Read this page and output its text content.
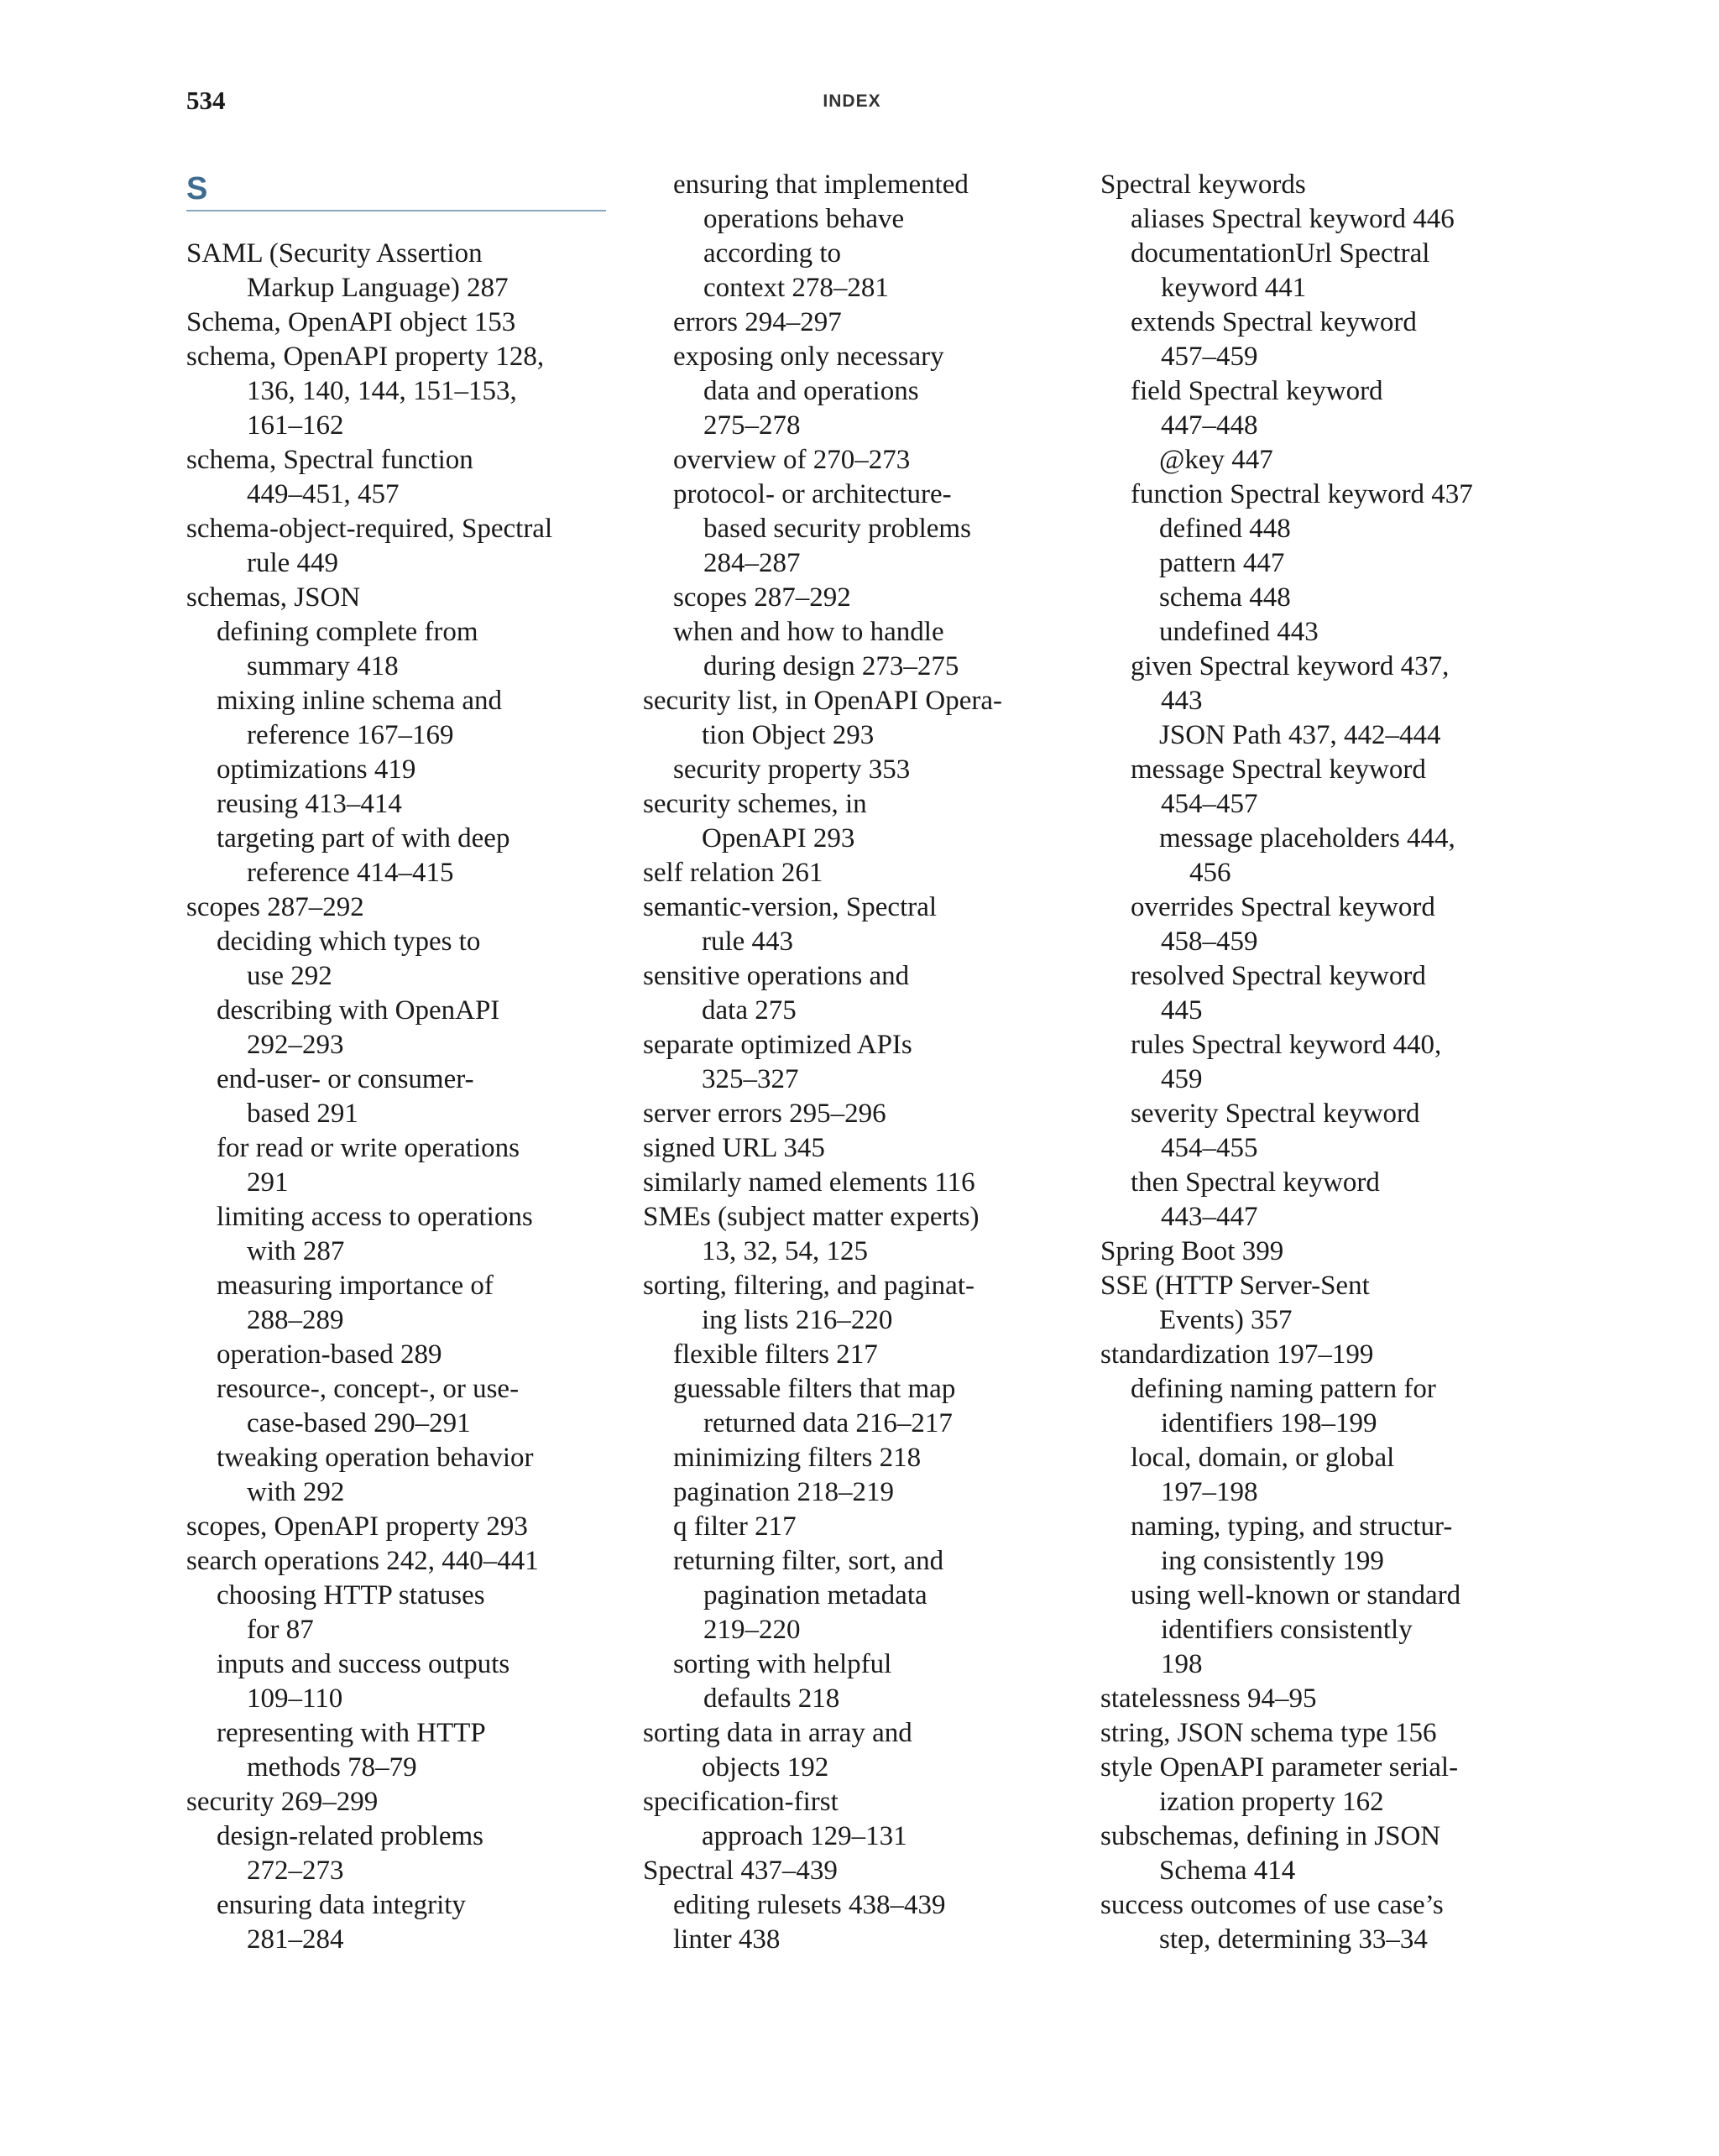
534	INDEX
S
SAML (Security Assertion
Markup Language) 287
Schema, OpenAPI object 153
schema, OpenAPI property 128,
136, 140, 144, 151–153,
161–162
schema, Spectral function
449–451, 457
schema-object-required, Spectral
rule 449
schemas, JSON
defining complete from
summary 418
mixing inline schema and
reference 167–169
optimizations 419
reusing 413–414
targeting part of with deep
reference 414–415
scopes 287–292
deciding which types to
use 292
describing with OpenAPI
292–293
end-user- or consumer-
based 291
for read or write operations
291
limiting access to operations
with 287
measuring importance of
288–289
operation-based 289
resource-, concept-, or use-
case-based 290–291
tweaking operation behavior
with 292
scopes, OpenAPI property 293
search operations 242, 440–441
choosing HTTP statuses
for 87
inputs and success outputs
109–110
representing with HTTP
methods 78–79
security 269–299
design-related problems
272–273
ensuring data integrity
281–284
ensuring that implemented
operations behave
according to
context 278–281
errors 294–297
exposing only necessary
data and operations
275–278
overview of 270–273
protocol- or architecture-
based security problems
284–287
scopes 287–292
when and how to handle
during design 273–275
security list, in OpenAPI Opera-
tion Object 293
security property 353
security schemes, in
OpenAPI 293
self relation 261
semantic-version, Spectral
rule 443
sensitive operations and
data 275
separate optimized APIs
325–327
server errors 295–296
signed URL 345
similarly named elements 116
SMEs (subject matter experts)
13, 32, 54, 125
sorting, filtering, and paginat-
ing lists 216–220
flexible filters 217
guessable filters that map
returned data 216–217
minimizing filters 218
pagination 218–219
q filter 217
returning filter, sort, and
pagination metadata
219–220
sorting with helpful
defaults 218
sorting data in array and
objects 192
specification-first
approach 129–131
Spectral 437–439
editing rulesets 438–439
linter 438
Spectral keywords
aliases Spectral keyword 446
documentationUrl Spectral
keyword 441
extends Spectral keyword
457–459
field Spectral keyword
447–448
@key 447
function Spectral keyword 437
defined 448
pattern 447
schema 448
undefined 443
given Spectral keyword 437,
443
JSON Path 437, 442–444
message Spectral keyword
454–457
message placeholders 444,
456
overrides Spectral keyword
458–459
resolved Spectral keyword
445
rules Spectral keyword 440,
459
severity Spectral keyword
454–455
then Spectral keyword
443–447
Spring Boot 399
SSE (HTTP Server-Sent
Events) 357
standardization 197–199
defining naming pattern for
identifiers 198–199
local, domain, or global
197–198
naming, typing, and structur-
ing consistently 199
using well-known or standard
identifiers consistently
198
statelessness 94–95
string, JSON schema type 156
style OpenAPI parameter serial-
ization property 162
subschemas, defining in JSON
Schema 414
success outcomes of use case’s
step, determining 33–34
